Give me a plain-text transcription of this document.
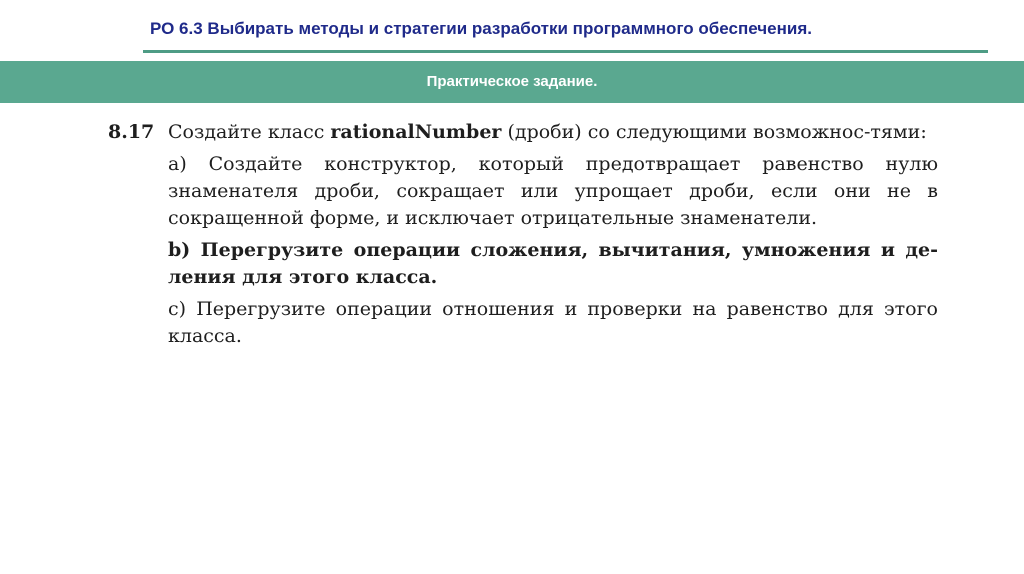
РО 6.3 Выбирать методы и стратегии разработки программного обеспечения.
Практическое задание.
8.17 Создайте класс rationalNumber (дроби) со следующими возможнос-тями:
a) Создайте конструктор, который предотвращает равенство нулю знаменателя дроби, сокращает или упрощает дроби, если они не в сокращенной форме, и исключает отрицательные знаменатели.
b) Перегрузите операции сложения, вычитания, умножения и де-ления для этого класса.
c) Перегрузите операции отношения и проверки на равенство для этого класса.
